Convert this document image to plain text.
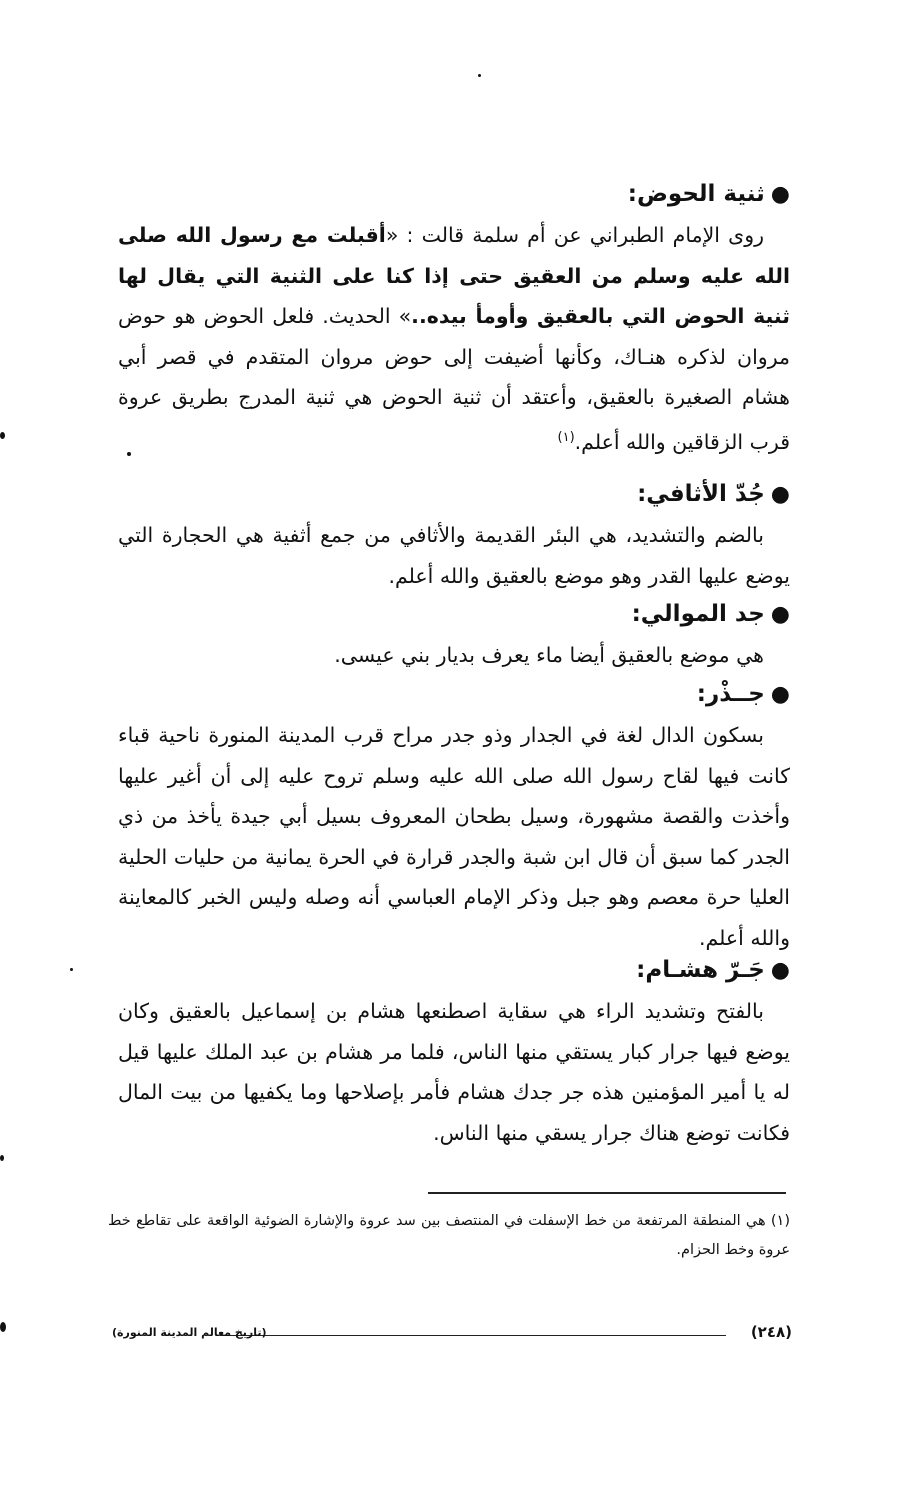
●ثنية الحوض:
روى الإمام الطبراني عن أم سلمة قالت : «أقبلت مع رسول الله صلى الله عليه وسلم من العقيق حتى إذا كنا على الثنية التي يقال لها ثنية الحوض التي بالعقيق وأومأ بيده..» الحديث. فلعل الحوض هو حوض مروان لذكره هنـاك، وكأنها أضيفت إلى حوض مروان المتقدم في قصر أبي هشام الصغيرة بالعقيق، وأعتقد أن ثنية الحوض هي ثنية المدرج بطريق عروة قرب الزقاقين والله أعلم.$^{(١)}$
●جُدّ الأثافي:
بالضم والتشديد، هي البئر القديمة والأثافي من جمع أثفية هي الحجارة التي يوضع عليها القدر وهو موضع بالعقيق والله أعلم.
●جد الموالي:
هي موضع بالعقيق أيضا ماء يعرف بديار بني عيسى.
●جــذْر:
بسكون الدال لغة في الجدار وذو جدر مراح قرب المدينة المنورة ناحية قباء كانت فيها لقاح رسول الله صلى الله عليه وسلم تروح عليه إلى أن أغير عليها وأخذت والقصة مشهورة، وسيل بطحان المعروف بسيل أبي جيدة يأخذ من ذي الجدر كما سبق أن قال ابن شبة والجدر قرارة في الحرة يمانية من حليات الحلية العليا حرة معصم وهو جبل وذكر الإمام العباسي أنه وصله وليس الخبر كالمعاينة والله أعلم.
●جَـرّ هشـام:
بالفتح وتشديد الراء هي سقاية اصطنعها هشام بن إسماعيل بالعقيق وكان يوضع فيها جرار كبار يستقي منها الناس، فلما مر هشام بن عبد الملك عليها قيل له يا أمير المؤمنين هذه جر جدك هشام فأمر بإصلاحها وما يكفيها من بيت المال فكانت توضع هناك جرار يسقي منها الناس.
(١) هي المنطقة المرتفعة من خط الإسفلت في المنتصف بين سد عروة والإشارة الضوئية الواقعة على تقاطع خط عروة وخط الحزام.
(٢٤٨)
(تاريخ معالم المدينة المنورة)
